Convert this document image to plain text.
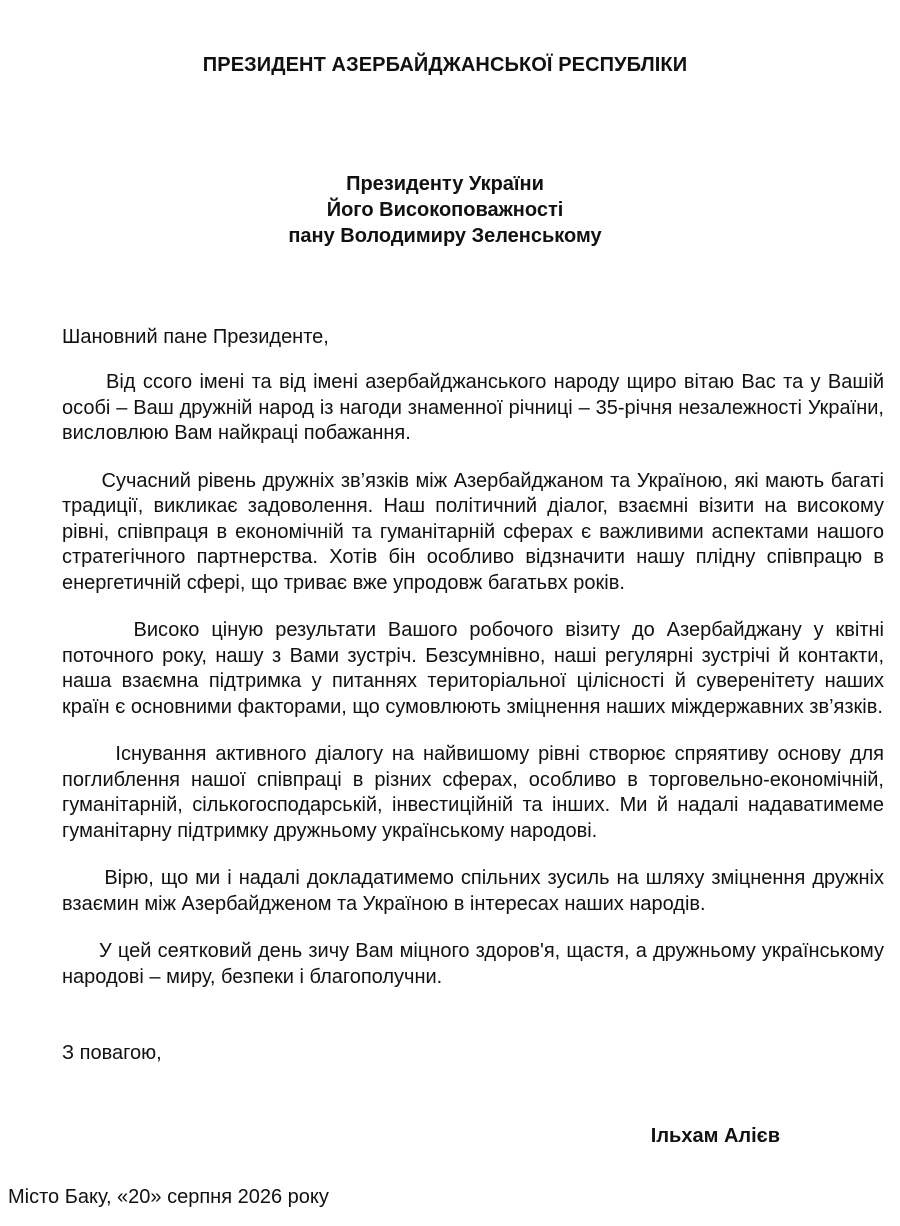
ПРЕЗИДЕНТ АЗЕРБАЙДЖАНСЬКОЇ РЕСПУБЛІКИ
Президенту України
Його Високоповажності
пану Володимиру Зеленському
Шановний пане Президенте,

Від ссого імені та від імені азербайджанського народу щиро вітаю Вас та у Вашій особі – Ваш дружній народ із нагоди знаменної річниці – 35-річня незалежності України, висловлюю Вам найкраці побажання.

Сучасний рівень дружніх зв’язків між Азербайджаном та Україною, які мають багаті традиції, викликає задоволення. Наш політичний діалог, взаємні візити на високому рівні, співпраця в економічній та гуманітарній сферах є важливими аспектами нашого стратегічного партнерства. Хотів бін особливо відзначити нашу плідну співпрацю в енергетичній сфері, що триває вже упродовж багатьвх років.

Високо ціную результати Вашого робочого візиту до Азербайджану у квітні поточного року, нашу з Вами зустріч. Безсумнівно, наші регулярні зустрічі й контакти, наша взаємна підтримка у питаннях територіальної цілісності й суверенітету наших країн є основними факторами, що сумовлюють зміцнення наших міждержавних зв’язків.

Існування активного діалогу на найвишому рівні створює спряятиву основу для поглиблення нашої співпраці в різних сферах, особливо в торговельно-економічній, гуманітарній, сількогосподарській, інвестиційній та інших. Ми й надалі надаватимеме гуманітарну підтримку дружньому українському народові.

Вірю, що ми і надалі докладатимемо спільних зусиль на шляху зміцнення дружніх взаємин між Азербайдженом та Україною в інтересах наших народів.

У цей сеятковий день зичу Вам міцного здоров'я, щастя, а дружньому українському народові – миру, безпеки і благополучни.

З повагою,
Ільхам Алієв
Місто Баку, «20» серпня 2026 року
